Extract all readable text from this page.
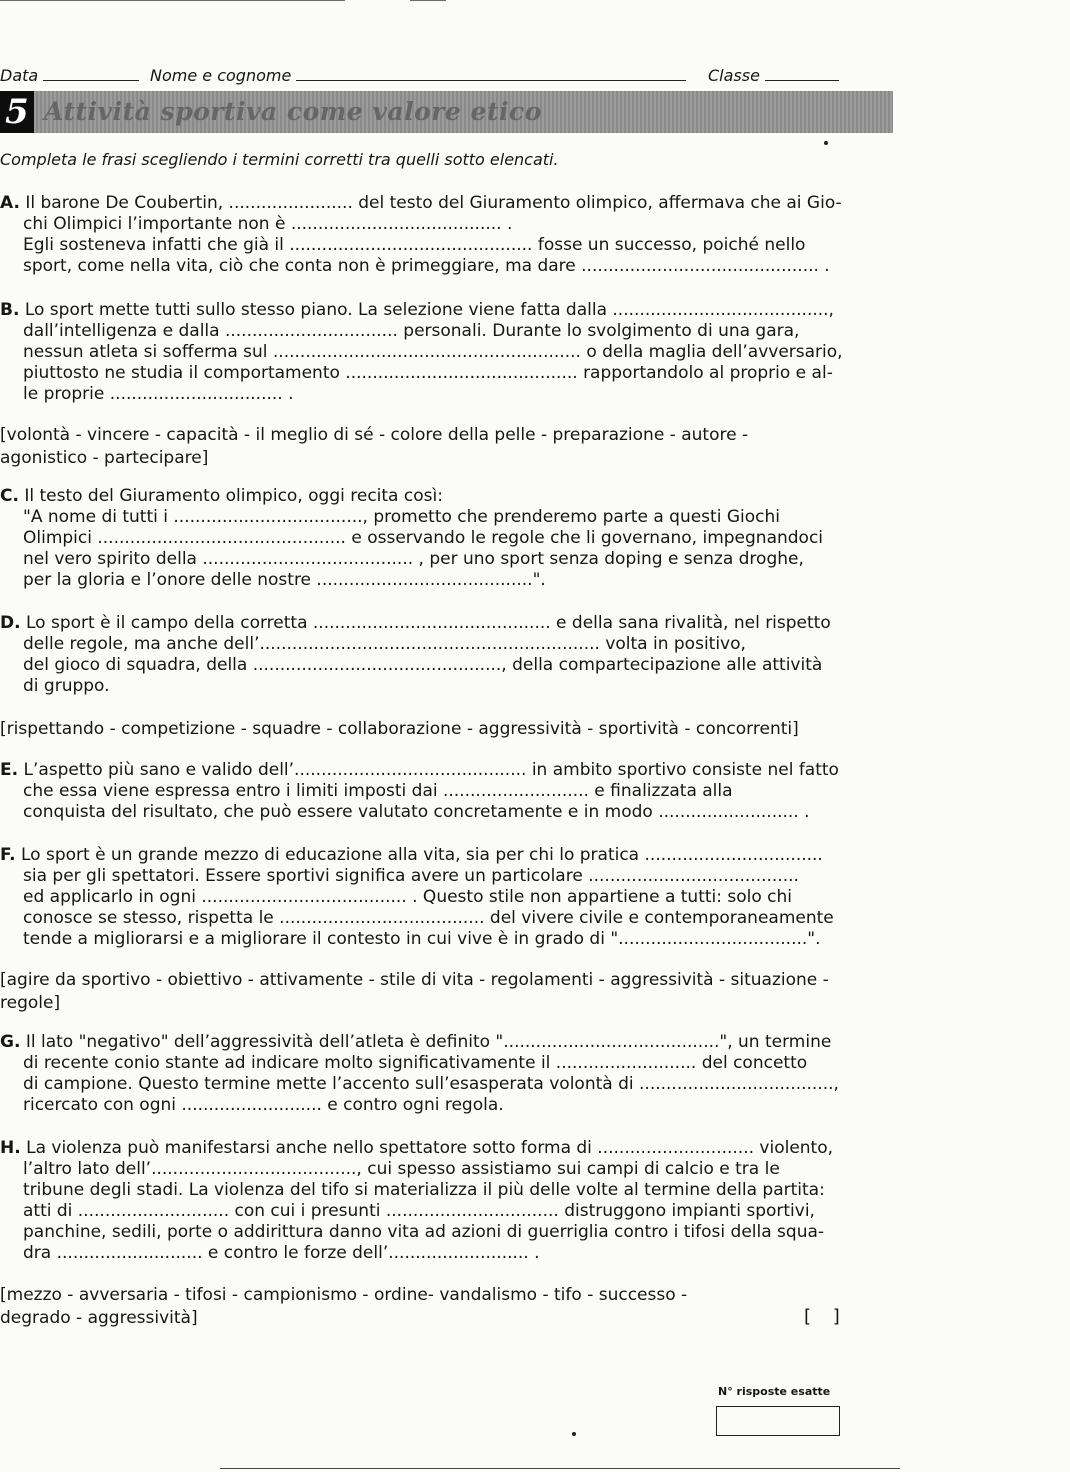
Data	Nome e cognome	Classe
5 Attività sportiva come valore etico
Completa le frasi scegliendo i termini corretti tra quelli sotto elencati.
A. Il barone De Coubertin, ....................... del testo del Giuramento olimpico, affermava che ai Gio-
chi Olimpici l’importante non è ....................................... .
Egli sosteneva infatti che già il ............................................. fosse un successo, poiché nello
sport, come nella vita, ciò che conta non è primeggiare, ma dare ............................................ .
B. Lo sport mette tutti sullo stesso piano. La selezione viene fatta dalla ........................................,
dall’intelligenza e dalla ................................ personali. Durante lo svolgimento di una gara,
nessun atleta si sofferma sul ......................................................... o della maglia dell’avversario,
piuttosto ne studia il comportamento ........................................... rapportandolo al proprio e al-
le proprie ................................ .
[volontà - vincere - capacità - il meglio di sé - colore della pelle - preparazione - autore -
agonistico - partecipare]
C. Il testo del Giuramento olimpico, oggi recita così:
"A nome di tutti i ..................................., prometto che prenderemo parte a questi Giochi
Olimpici .............................................. e osservando le regole che li governano, impegnandoci
nel vero spirito della ....................................... , per uno sport senza doping e senza droghe,
per la gloria e l’onore delle nostre ........................................".
D. Lo sport è il campo della corretta ............................................ e della sana rivalità, nel rispetto
delle regole, ma anche dell’............................................................... volta in positivo,
del gioco di squadra, della .............................................., della compartecipazione alle attività
di gruppo.
[rispettando - competizione - squadre - collaborazione - aggressività - sportività - concorrenti]
E. L’aspetto più sano e valido dell’........................................... in ambito sportivo consiste nel fatto
che essa viene espressa entro i limiti imposti dai ........................... e finalizzata alla
conquista del risultato, che può essere valutato concretamente e in modo .......................... .
F. Lo sport è un grande mezzo di educazione alla vita, sia per chi lo pratica .................................
sia per gli spettatori. Essere sportivi significa avere un particolare .......................................
ed applicarlo in ogni ...................................... . Questo stile non appartiene a tutti: solo chi
conosce se stesso, rispetta le ...................................... del vivere civile e contemporaneamente
tende a migliorarsi e a migliorare il contesto in cui vive è in grado di "...................................".
[agire da sportivo - obiettivo - attivamente - stile di vita - regolamenti - aggressività - situazione -
regole]
G. Il lato "negativo" dell’aggressività dell’atleta è definito "........................................", un termine
di recente conio stante ad indicare molto significativamente il .......................... del concetto
di campione. Questo termine mette l’accento sull’esasperata volontà di ....................................,
ricercato con ogni .......................... e contro ogni regola.
H. La violenza può manifestarsi anche nello spettatore sotto forma di ............................. violento,
l’altro lato dell’......................................, cui spesso assistiamo sui campi di calcio e tra le
tribune degli stadi. La violenza del tifo si materializza il più delle volte al termine della partita:
atti di ............................ con cui i presunti ................................ distruggono impianti sportivi,
panchine, sedili, porte o addirittura danno vita ad azioni di guerriglia contro i tifosi della squa-
dra ........................... e contro le forze dell’.......................... .
[mezzo - avversaria - tifosi - campionismo - ordine- vandalismo - tifo - successo -
degrado - aggressività]	[ ]
N° risposte esatte
